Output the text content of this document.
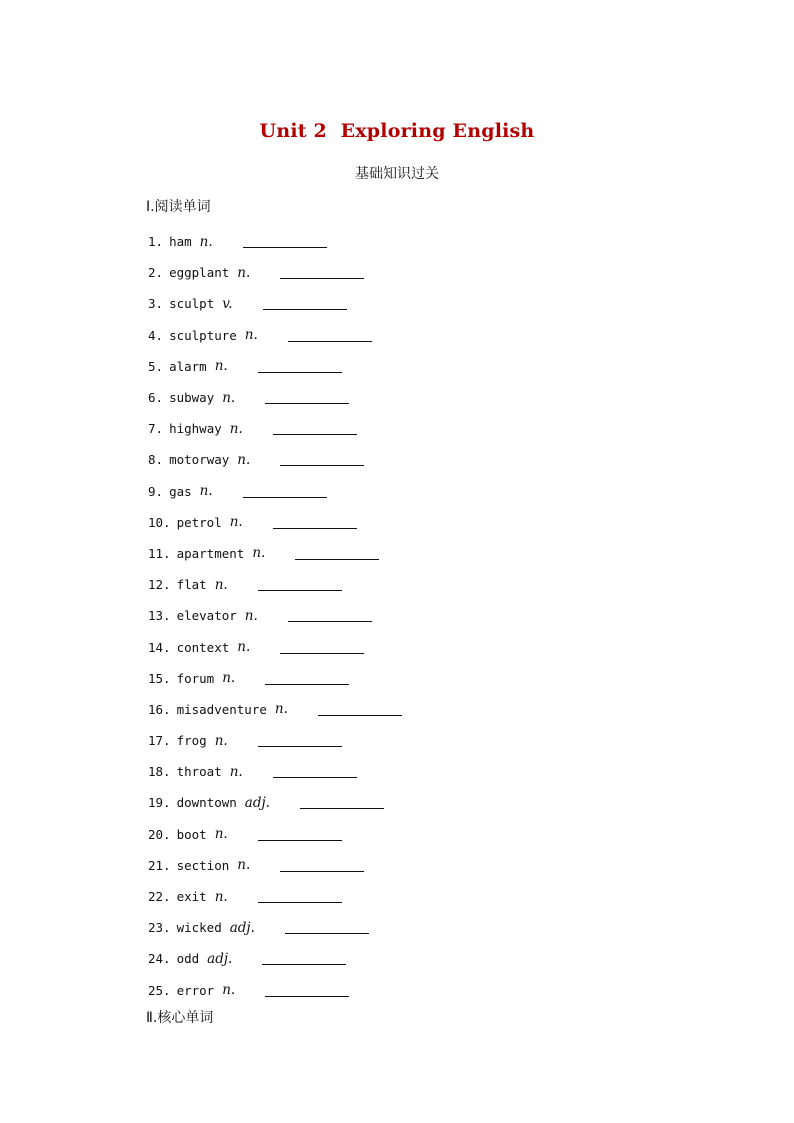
Unit 2  Exploring English
基础知识过关
Ⅰ.阅读单词
1. ham n.
2. eggplant n.
3. sculpt v.
4. sculpture n.
5. alarm n.
6. subway n.
7. highway n.
8. motorway n.
9. gas n.
10. petrol n.
11. apartment n.
12. flat n.
13. elevator n.
14. context n.
15. forum n.
16. misadventure n.
17. frog n.
18. throat n.
19. downtown adj.
20. boot n.
21. section n.
22. exit n.
23. wicked adj.
24. odd adj.
25. error n.
Ⅱ.核心单词
